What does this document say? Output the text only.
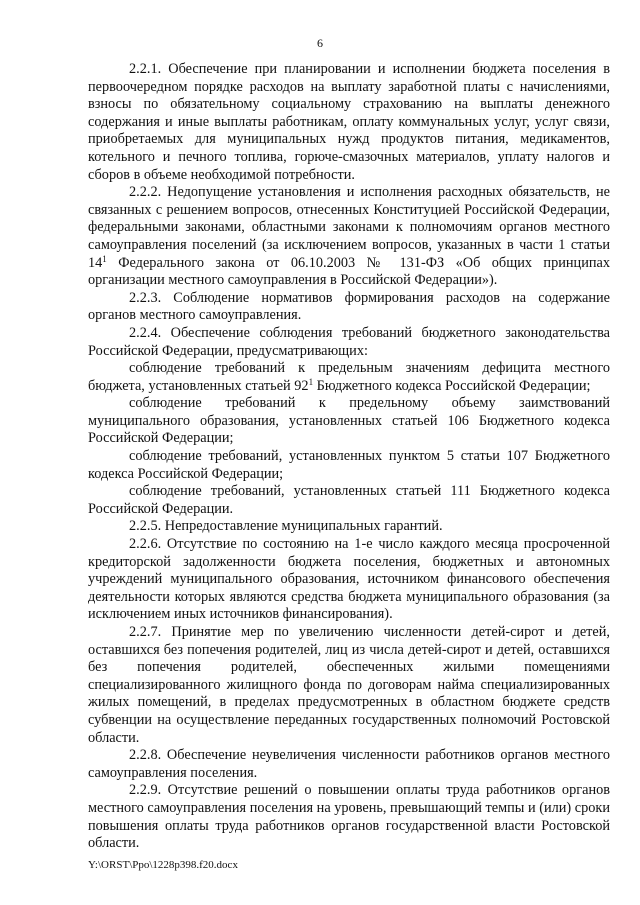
6

2.2.1. Обеспечение при планировании и исполнении бюджета поселения в первоочередном порядке расходов на выплату заработной платы с начислениями, взносы по обязательному социальному страхованию на выплаты денежного содержания и иные выплаты работникам, оплату коммунальных услуг, услуг связи, приобретаемых для муниципальных нужд продуктов питания, медикаментов, котельного и печного топлива, горюче-смазочных материалов, уплату налогов и сборов в объеме необходимой потребности.

2.2.2. Недопущение установления и исполнения расходных обязательств, не связанных с решением вопросов, отнесенных Конституцией Российской Федерации, федеральными законами, областными законами к полномочиям органов местного самоуправления поселений (за исключением вопросов, указанных в части 1 статьи $14^1$ Федерального закона от 06.10.2003 № 131-ФЗ «Об общих принципах организации местного самоуправления в Российской Федерации»).

2.2.3. Соблюдение нормативов формирования расходов на содержание органов местного самоуправления.

2.2.4. Обеспечение соблюдения требований бюджетного законодательства Российской Федерации, предусматривающих:

соблюдение требований к предельным значениям дефицита местного бюджета, установленных статьей $92^1$ Бюджетного кодекса Российской Федерации;

соблюдение требований к предельному объему заимствований муниципального образования, установленных статьей 106 Бюджетного кодекса Российской Федерации;

соблюдение требований, установленных пунктом 5 статьи 107 Бюджетного кодекса Российской Федерации;

соблюдение требований, установленных статьей 111 Бюджетного кодекса Российской Федерации.

2.2.5. Непредоставление муниципальных гарантий.

2.2.6. Отсутствие по состоянию на 1-е число каждого месяца просроченной кредиторской задолженности бюджета поселения, бюджетных и автономных учреждений муниципального образования, источником финансового обеспечения деятельности которых являются средства бюджета муниципального образования (за исключением иных источников финансирования).

2.2.7. Принятие мер по увеличению численности детей-сирот и детей, оставшихся без попечения родителей, лиц из числа детей-сирот и детей, оставшихся без попечения родителей, обеспеченных жилыми помещениями специализированного жилищного фонда по договорам найма специализированных жилых помещений, в пределах предусмотренных в областном бюджете средств субвенции на осуществление переданных государственных полномочий Ростовской области.

2.2.8. Обеспечение неувеличения численности работников органов местного самоуправления поселения.

2.2.9. Отсутствие решений о повышении оплаты труда работников органов местного самоуправления поселения на уровень, превышающий темпы и (или) сроки повышения оплаты труда работников органов государственной власти Ростовской области.

Y:\ORST\Ppo\1228p398.f20.docx
